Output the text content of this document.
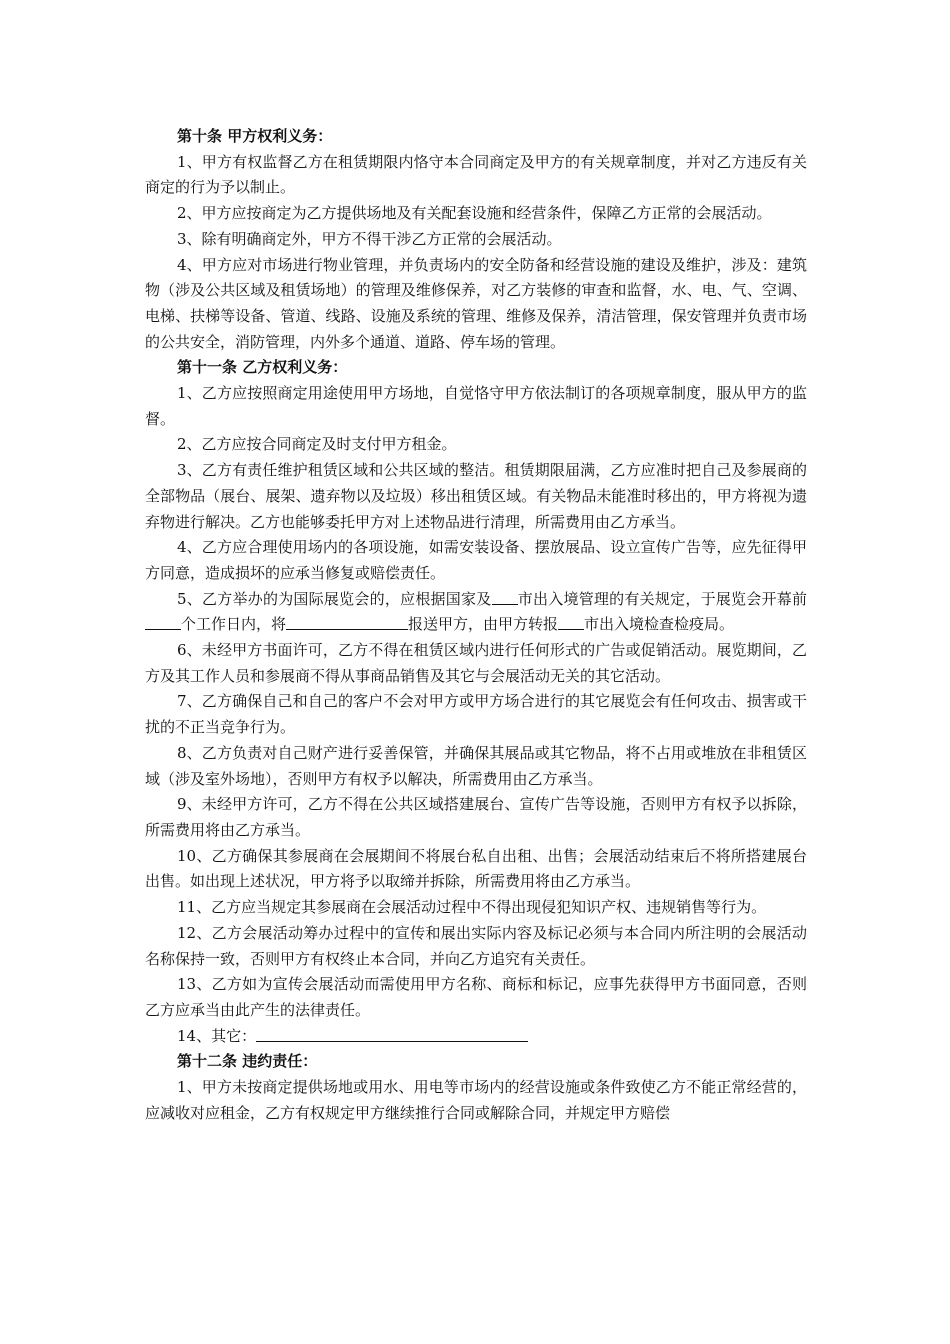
第十条 甲方权利义务：

1、甲方有权监督乙方在租赁期限内恪守本合同商定及甲方的有关规章制度，并对乙方违反有关商定的行为予以制止。

2、甲方应按商定为乙方提供场地及有关配套设施和经营条件，保障乙方正常的会展活动。

3、除有明确商定外，甲方不得干涉乙方正常的会展活动。

4、甲方应对市场进行物业管理，并负责场内的安全防备和经营设施的建设及维护，涉及：建筑物（涉及公共区域及租赁场地）的管理及维修保养，对乙方装修的审查和监督，水、电、气、空调、电梯、扶梯等设备、管道、线路、设施及系统的管理、维修及保养，清洁管理，保安管理并负责市场的公共安全，消防管理，内外多个通道、道路、停车场的管理。

第十一条 乙方权利义务：

1、乙方应按照商定用途使用甲方场地，自觉恪守甲方依法制订的各项规章制度，服从甲方的监督。

2、乙方应按合同商定及时支付甲方租金。

3、乙方有责任维护租赁区域和公共区域的整洁。租赁期限届满，乙方应准时把自己及参展商的全部物品（展台、展架、遗弃物以及垃圾）移出租赁区域。有关物品未能准时移出的，甲方将视为遗弃物进行解决。乙方也能够委托甲方对上述物品进行清理，所需费用由乙方承当。

4、乙方应合理使用场内的各项设施，如需安装设备、摆放展品、设立宣传广告等，应先征得甲方同意，造成损坏的应承当修复或赔偿责任。

5、乙方举办的为国际展览会的，应根据国家及 市出入境管理的有关规定，于展览会开幕前个工作日内，将	报送甲方，由甲方转报 市出入境检查检疫局。

6、未经甲方书面许可，乙方不得在租赁区域内进行任何形式的广告或促销活动。展览期间，乙方及其工作人员和参展商不得从事商品销售及其它与会展活动无关的其它活动。

7、乙方确保自己和自己的客户不会对甲方或甲方场合进行的其它展览会有任何攻击、损害或干扰的不正当竞争行为。

8、乙方负责对自己财产进行妥善保管，并确保其展品或其它物品，将不占用或堆放在非租赁区域（涉及室外场地），否则甲方有权予以解决，所需费用由乙方承当。

9、未经甲方许可，乙方不得在公共区域搭建展台、宣传广告等设施，否则甲方有权予以拆除，所需费用将由乙方承当。

10、乙方确保其参展商在会展期间不将展台私自出租、出售；会展活动结束后不将所搭建展台出售。如出现上述状况，甲方将予以取缔并拆除，所需费用将由乙方承当。

11、乙方应当规定其参展商在会展活动过程中不得出现侵犯知识产权、违规销售等行为。

12、乙方会展活动筹办过程中的宣传和展出实际内容及标记必须与本合同内所注明的会展活动名称保持一致，否则甲方有权终止本合同，并向乙方追究有关责任。

13、乙方如为宣传会展活动而需使用甲方名称、商标和标记，应事先获得甲方书面同意，否则乙方应承当由此产生的法律责任。

14、其它：

第十二条 违约责任：

1、甲方未按商定提供场地或用水、用电等市场内的经营设施或条件致使乙方不能正常经营的，应减收对应租金，乙方有权规定甲方继续推行合同或解除合同，并规定甲方赔偿
